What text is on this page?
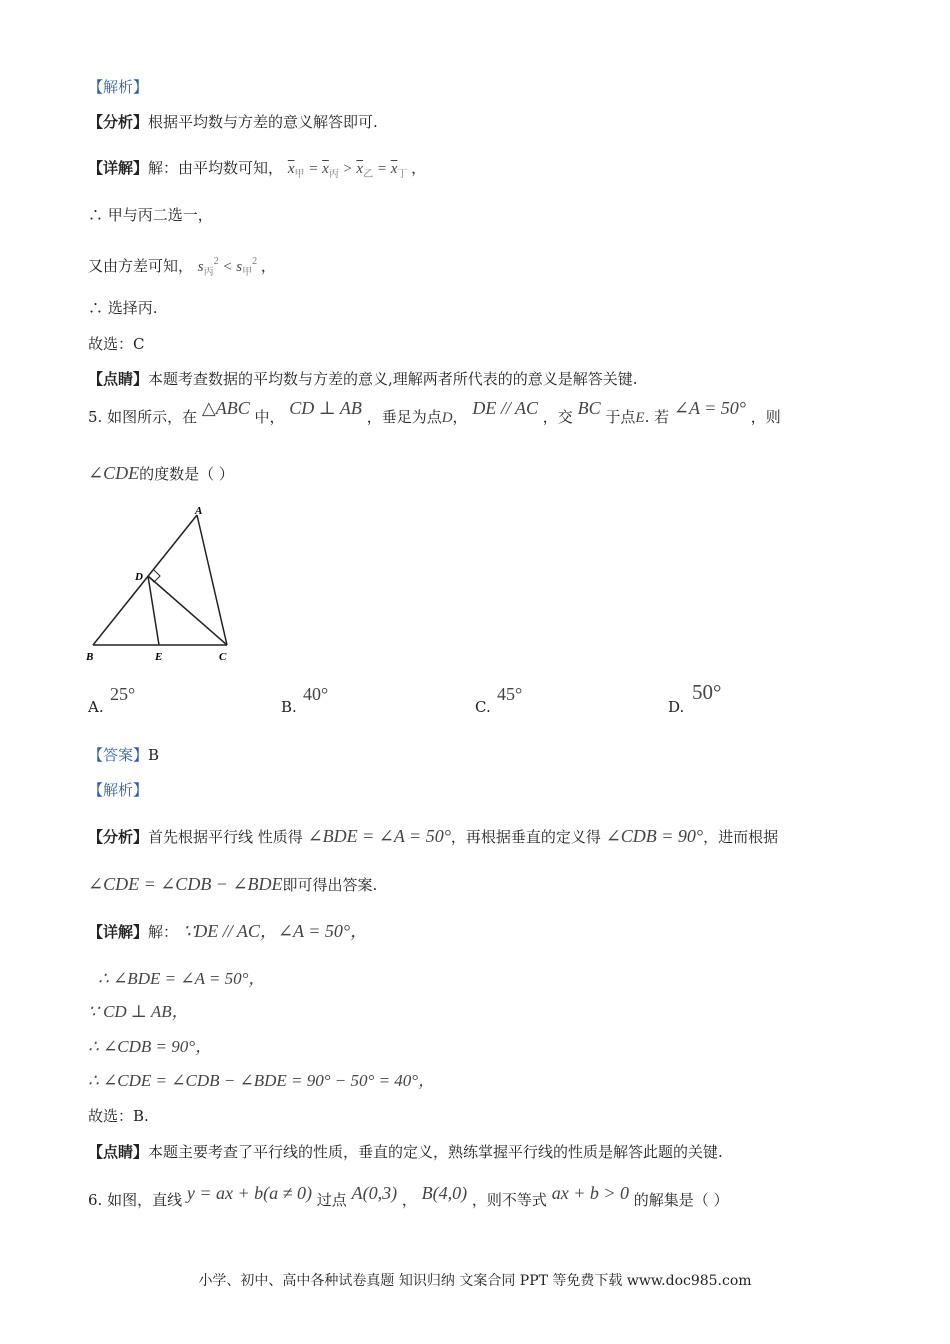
【解析】
【分析】根据平均数与方差的意义解答即可.
【详解】解：由平均数可知， $\overline{x}_甲 = \overline{x}_丙 > \overline{x}_乙 = \overline{x}_丁$ ，
∴ 甲与丙二选一，
又由方差可知， $s_丙^2 < s_甲^2$ ，
∴ 选择丙.
故选：C
【点睛】本题考查数据的平均数与方差的意义,理解两者所代表的的意义是解答关键.
5. 如图所示，在 △ABC 中， CD ⊥ AB ，垂足为点D， DE // AC ，交 BC 于点E. 若 ∠A = 50° ，则
∠CDE的度数是（ ）
A
B	C
D
E
A.
25°
B.
40°
C.
45°
D.
50°
【答案】B
【解析】
【分析】首先根据平行线 性质得 ∠BDE = ∠A = 50°，再根据垂直的定义得 ∠CDB = 90°，进而根据
∠CDE = ∠CDB − ∠BDE即可得出答案.
【详解】解： ∵DE // AC，∠A = 50°，
∴ ∠BDE = ∠A = 50°，
∵ CD ⊥ AB，
∴ ∠CDB = 90°，
∴ ∠CDE = ∠CDB − ∠BDE = 90° − 50° = 40°，
故选：B.
【点睛】本题主要考查了平行线的性质，垂直的定义，熟练掌握平行线的性质是解答此题的关键.
6. 如图，直线 y = ax + b(a ≠ 0) 过点 A(0,3) ， B(4,0) ，则不等式 ax + b > 0 的解集是（ ）
小学、初中、高中各种试卷真题 知识归纳 文案合同 PPT 等免费下载 www.doc985.com
